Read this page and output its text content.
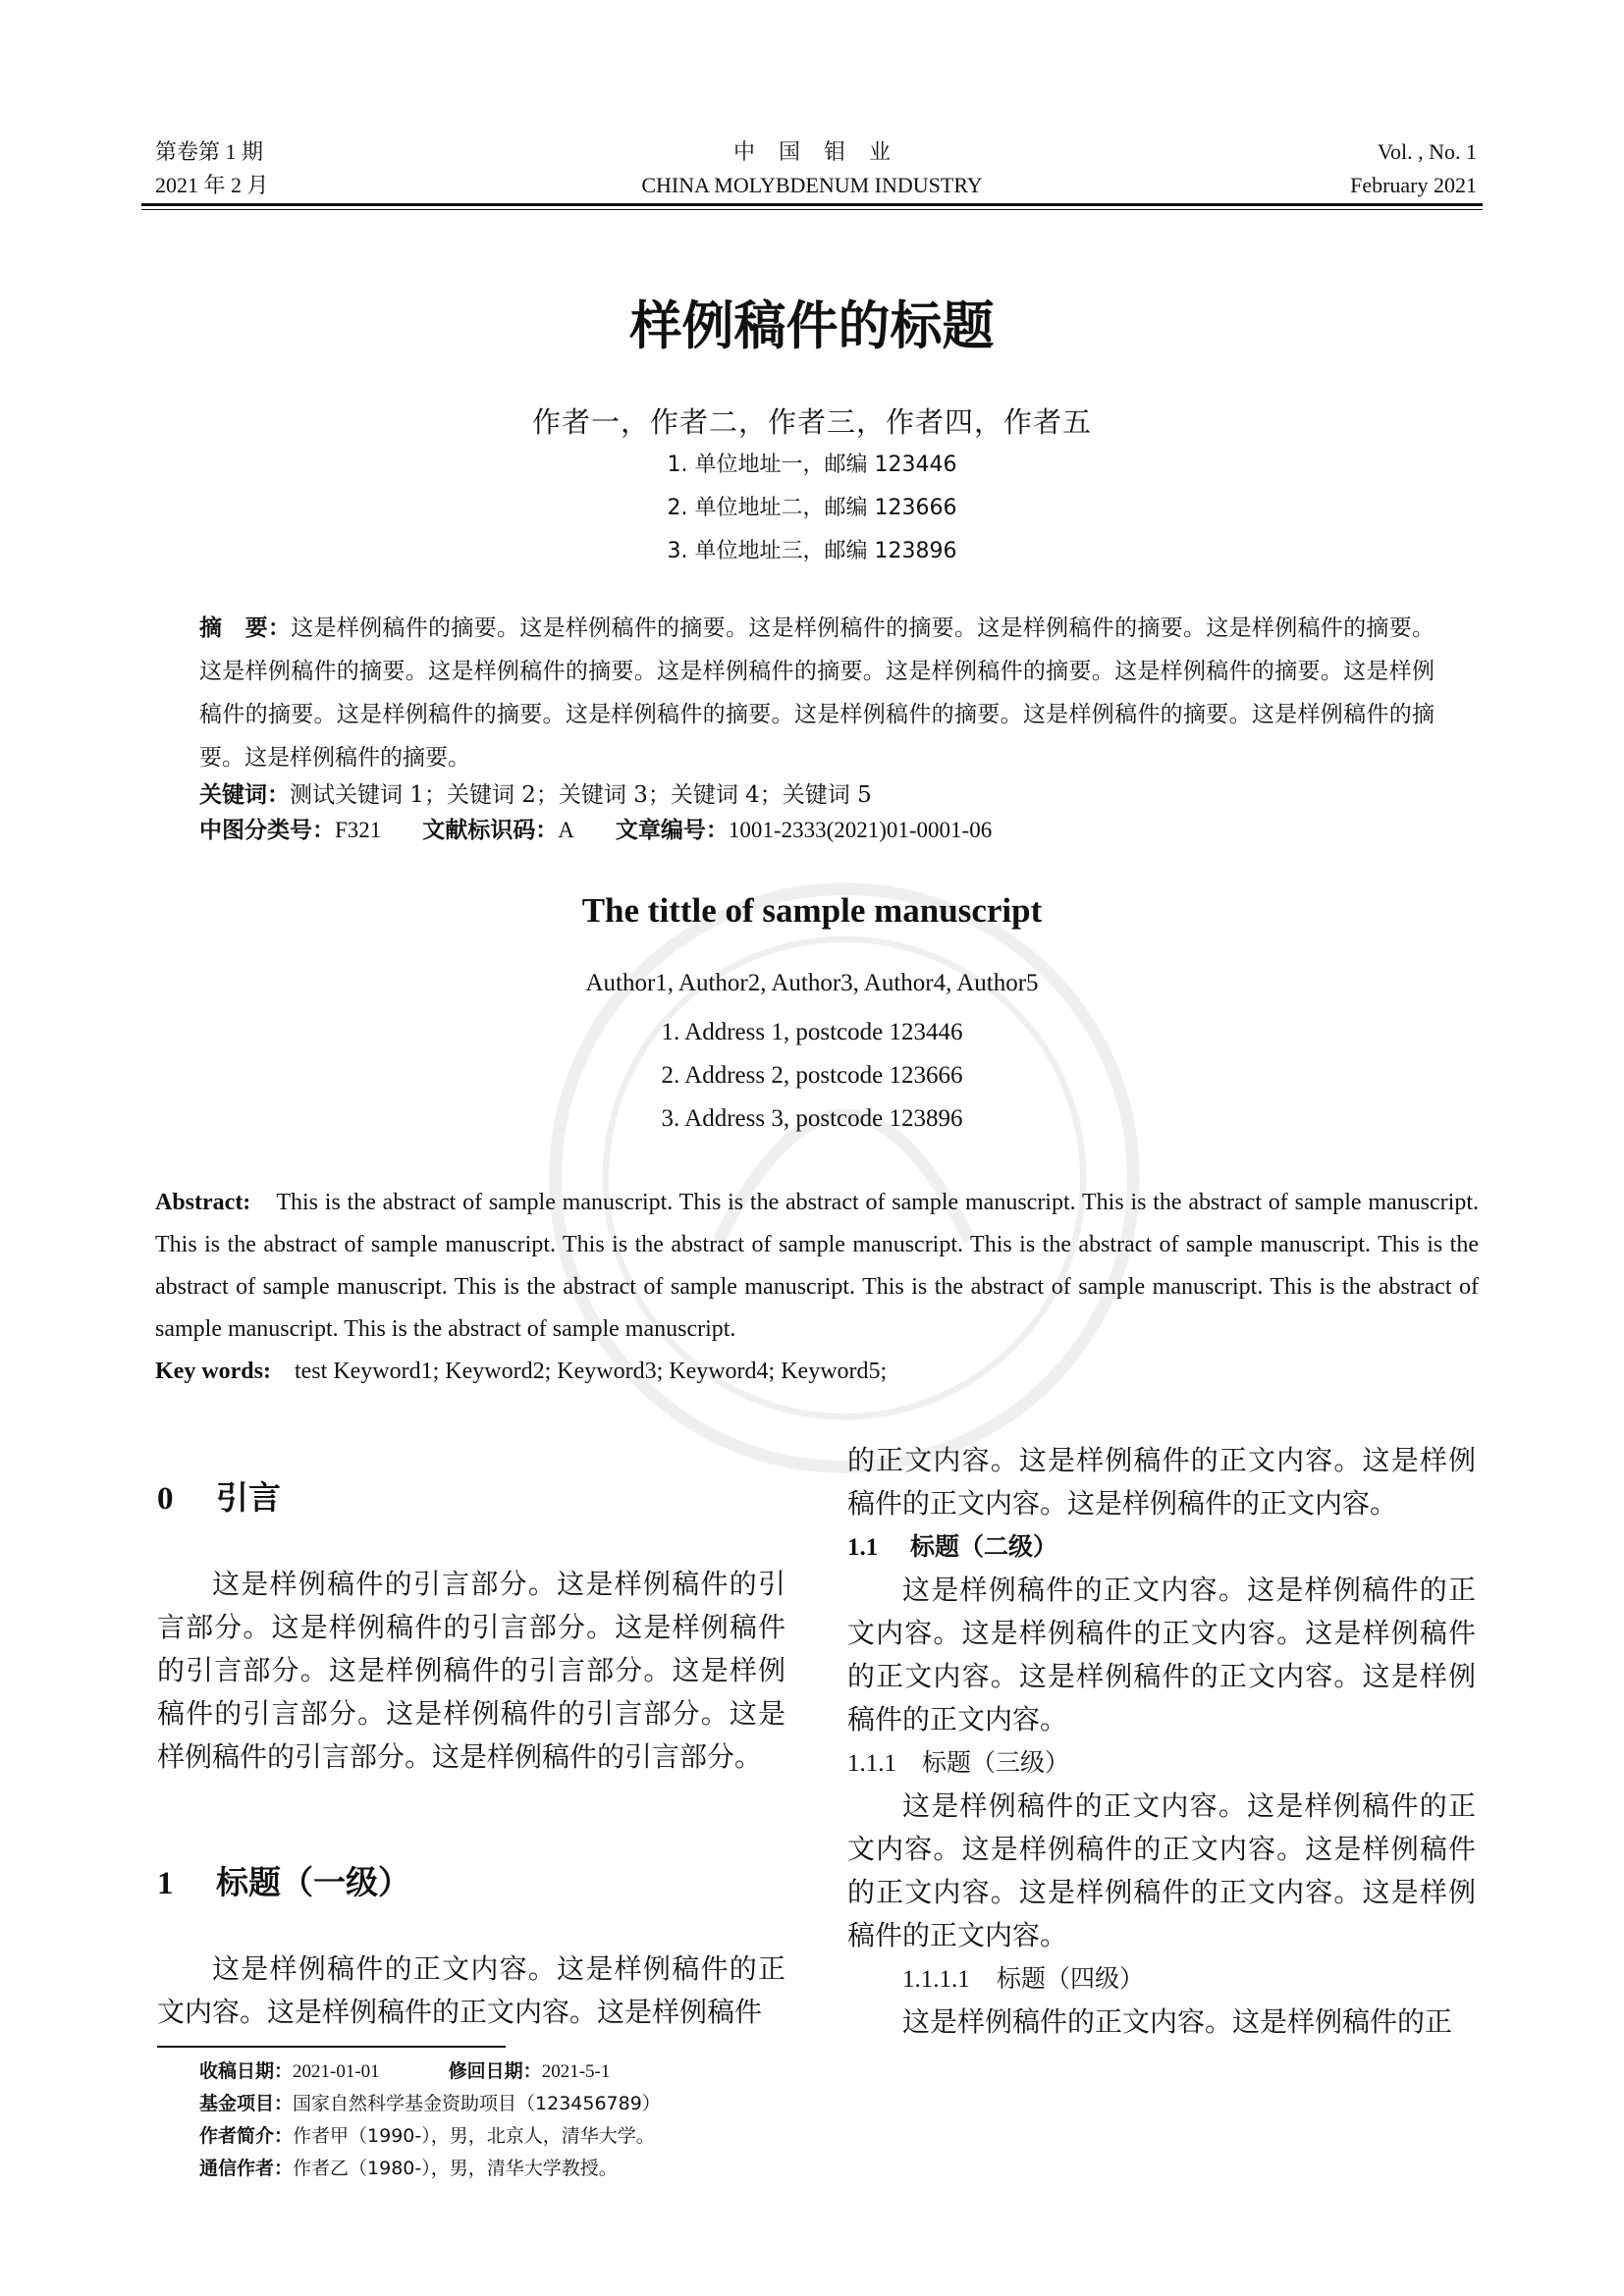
第卷第 1 期
2021 年 2 月
中国钼业
CHINA MOLYBDENUM INDUSTRY
Vol. , No. 1
February 2021
样例稿件的标题
作者一，作者二，作者三，作者四，作者五
1. 单位地址一，邮编 123446
2. 单位地址二，邮编 123666
3. 单位地址三，邮编 123896
摘　要：这是样例稿件的摘要。这是样例稿件的摘要。这是样例稿件的摘要。这是样例稿件的摘要。这是样例稿件的摘要。这是样例稿件的摘要。这是样例稿件的摘要。这是样例稿件的摘要。这是样例稿件的摘要。这是样例稿件的摘要。这是样例稿件的摘要。这是样例稿件的摘要。这是样例稿件的摘要。这是样例稿件的摘要。这是样例稿件的摘要。这是样例稿件的摘要。这是样例稿件的摘要。
关键词：测试关键词 1；关键词 2；关键词 3；关键词 4；关键词 5
中图分类号：F321 文献标识码：A 文章编号：1001-2333(2021)01-0001-06
The tittle of sample manuscript
Author1, Author2, Author3, Author4, Author5
1. Address 1, postcode 123446
2. Address 2, postcode 123666
3. Address 3, postcode 123896
Abstract: This is the abstract of sample manuscript. This is the abstract of sample manuscript. This is the abstract of sample manuscript. This is the abstract of sample manuscript. This is the abstract of sample manuscript. This is the abstract of sample manuscript. This is the abstract of sample manuscript. This is the abstract of sample manuscript. This is the abstract of sample manuscript. This is the abstract of sample manuscript. This is the abstract of sample manuscript.
Key words: test Keyword1; Keyword2; Keyword3; Keyword4; Keyword5;
0 引言
这是样例稿件的引言部分。这是样例稿件的引言部分。这是样例稿件的引言部分。这是样例稿件的引言部分。这是样例稿件的引言部分。这是样例稿件的引言部分。这是样例稿件的引言部分。这是样例稿件的引言部分。这是样例稿件的引言部分。
1 标题（一级）
这是样例稿件的正文内容。这是样例稿件的正文内容。这是样例稿件的正文内容。这是样例稿件
的正文内容。这是样例稿件的正文内容。这是样例稿件的正文内容。这是样例稿件的正文内容。
1.1 标题（二级）
这是样例稿件的正文内容。这是样例稿件的正文内容。这是样例稿件的正文内容。这是样例稿件的正文内容。这是样例稿件的正文内容。这是样例稿件的正文内容。
1.1.1 标题（三级）
这是样例稿件的正文内容。这是样例稿件的正文内容。这是样例稿件的正文内容。这是样例稿件的正文内容。这是样例稿件的正文内容。这是样例稿件的正文内容。
1.1.1.1 标题（四级）
这是样例稿件的正文内容。这是样例稿件的正
收稿日期：2021-01-01	修回日期：2021-5-1
基金项目：国家自然科学基金资助项目（123456789）
作者简介：作者甲（1990-），男，北京人，清华大学。
通信作者：作者乙（1980-），男，清华大学教授。
